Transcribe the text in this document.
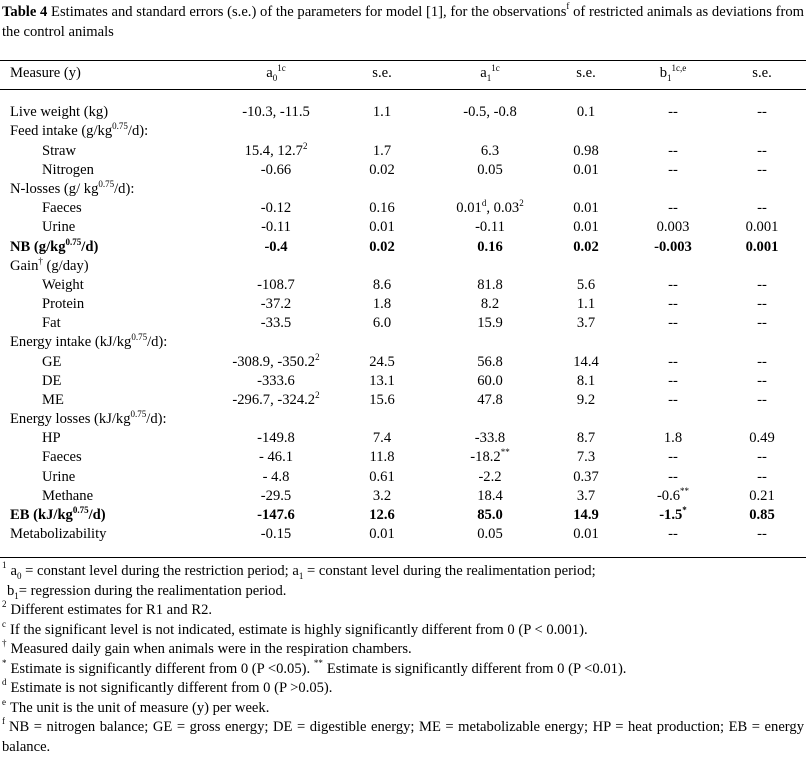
Table 4 Estimates and standard errors (s.e.) of the parameters for model [1], for the observations$^f$ of restricted animals as deviations from the control animals
Measure (y)	$a_0^{1c}$	s.e.	$a_1^{1c}$	s.e.	$b_1^{1c,e}$	s.e.
Live weight (kg)	-10.3, -11.5	1.1	-0.5, -0.8	0.1	--	--
Feed intake $(g/kg^{0.75}/d)$:
Straw	15.4, 12.7$^2$	1.7	6.3	0.98	--	--
Nitrogen	-0.66	0.02	0.05	0.01	--	--
N-losses (g/ $kg^{0.75}/d$):
Faeces	-0.12	0.16	0.01$^d$, 0.03$^2$	0.01	--	--
Urine	-0.11	0.01	-0.11	0.01	0.003	0.001
NB $(g/kg^{0.75}/d)$	-0.4	0.02	0.16	0.02	-0.003	0.001
Gain† (g/day)
Weight	-108.7	8.6	81.8	5.6	--	--
Protein	-37.2	1.8	8.2	1.1	--	--
Fat	-33.5	6.0	15.9	3.7	--	--
Energy intake $(kJ/kg^{0.75}/d)$:
GE	-308.9, -350.2$^2$	24.5	56.8	14.4	--	--
DE	-333.6	13.1	60.0	8.1	--	--
ME	-296.7, -324.2$^2$	15.6	47.8	9.2	--	--
Energy losses $(kJ/kg^{0.75}/d)$:
HP	-149.8	7.4	-33.8	8.7	1.8	0.49
Faeces	- 46.1	11.8	-18.2**	7.3	--	--
Urine	- 4.8	0.61	-2.2	0.37	--	--
Methane	-29.5	3.2	18.4	3.7	-0.6**	0.21
EB $(kJ/kg^{0.75}/d)$	-147.6	12.6	85.0	14.9	-1.5*	0.85
Metabolizability	-0.15	0.01	0.05	0.01	--	--
$^1$ $a_0$ = constant level during the restriction period; $a_1$ = constant level during the realimentation period;
$b_1=$ regression during the realimentation period.
$^2$ Different estimates for R1 and R2.
$^c$ If the significant level is not indicated, estimate is highly significantly different from 0 (P < 0.001).
† Measured daily gain when animals were in the respiration chambers.
* Estimate is significantly different from 0 (P <0.05). ** Estimate is significantly different from 0 (P <0.01).
$^d$ Estimate is not significantly different from 0 (P >0.05).
$^e$ The unit is the unit of measure (y) per week.
$^f$ NB = nitrogen balance; GE = gross energy; DE = digestible energy; ME = metabolizable energy; HP = heat production; EB = energy balance.
